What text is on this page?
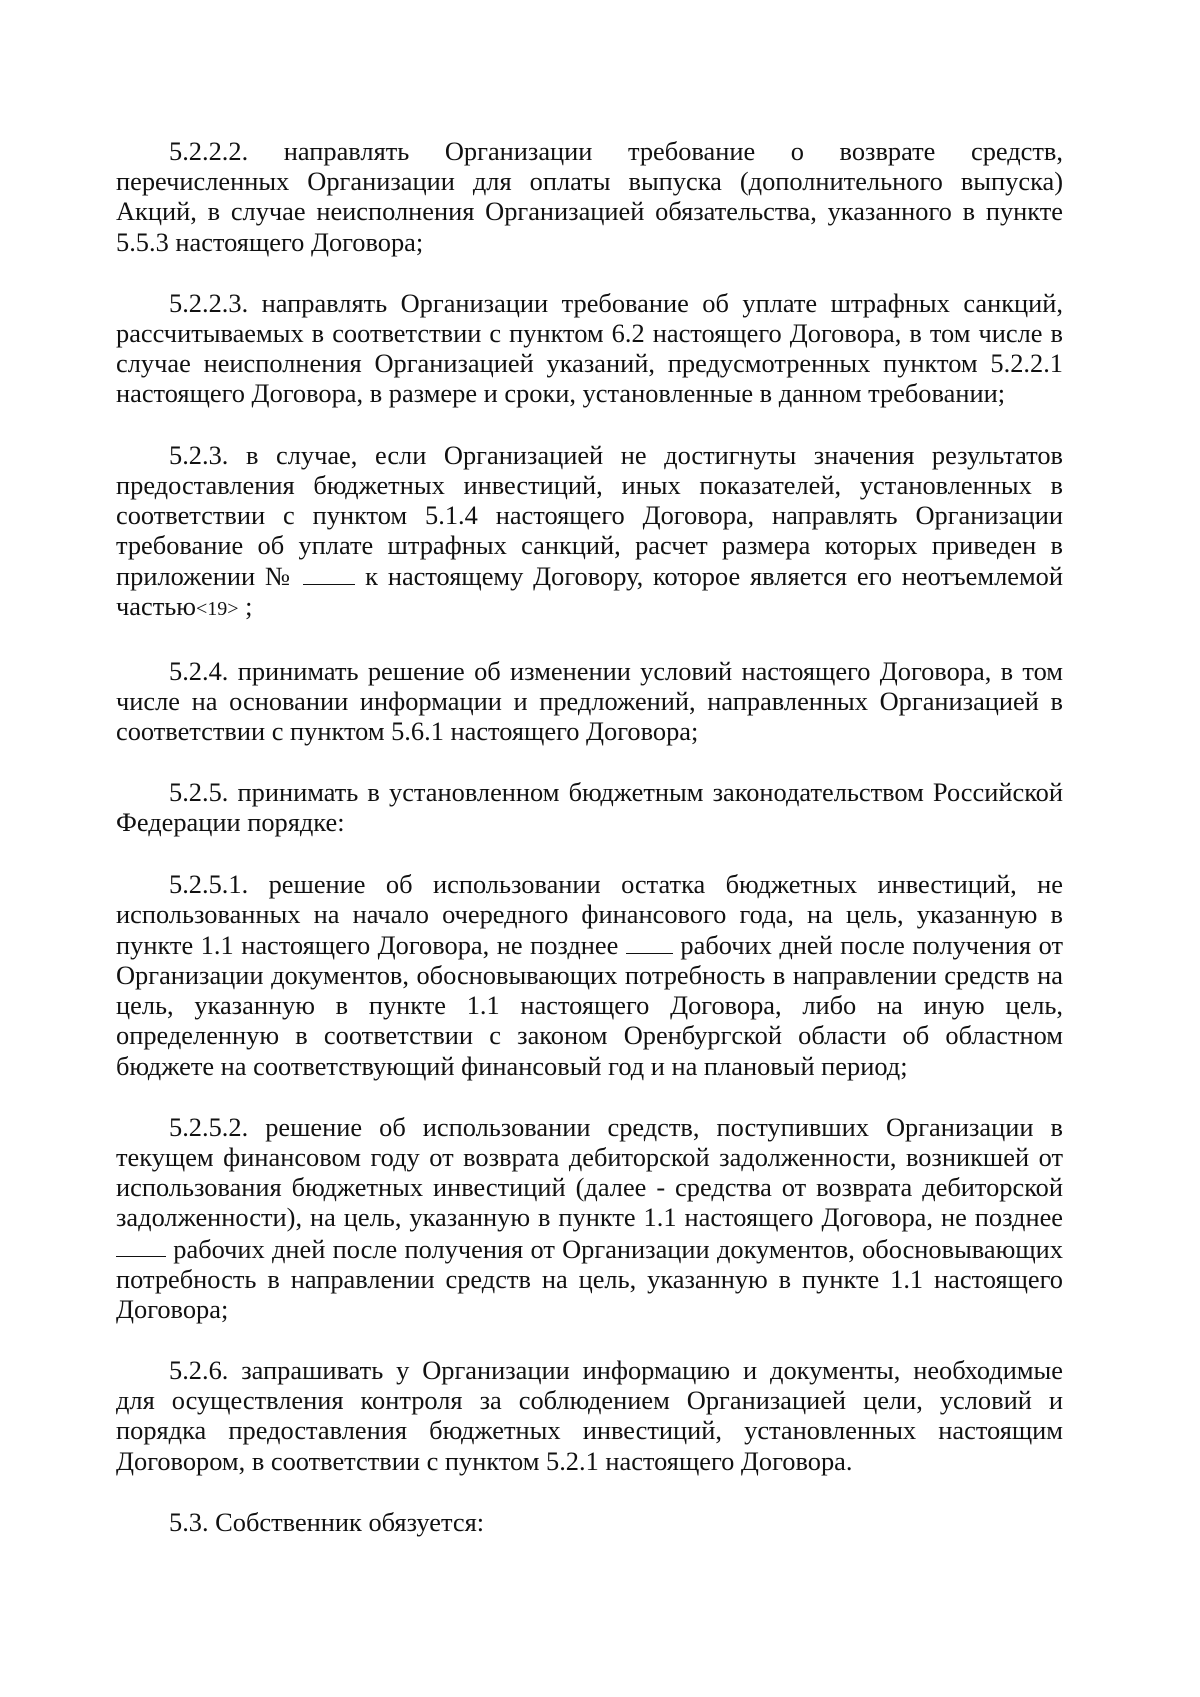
5.2.2.2. направлять Организации требование о возврате средств, перечисленных Организации для оплаты выпуска (дополнительного выпуска) Акций, в случае неисполнения Организацией обязательства, указанного в пункте 5.5.3 настоящего Договора;

5.2.2.3. направлять Организации требование об уплате штрафных санкций, рассчитываемых в соответствии с пунктом 6.2 настоящего Договора, в том числе в случае неисполнения Организацией указаний, предусмотренных пунктом 5.2.2.1 настоящего Договора, в размере и сроки, установленные в данном требовании;

5.2.3. в случае, если Организацией не достигнуты значения результатов предоставления бюджетных инвестиций, иных показателей, установленных в соответствии с пунктом 5.1.4 настоящего Договора, направлять Организации требование об уплате штрафных санкций, расчет размера которых приведен в приложении №	к настоящему Договору, которое является его неотъемлемой частью<19> ;

5.2.4. принимать решение об изменении условий настоящего Договора, в том числе на основании информации и предложений, направленных Организацией в соответствии с пунктом 5.6.1 настоящего Договора;

5.2.5. принимать в установленном бюджетным законодательством Российской Федерации порядке:

5.2.5.1. решение об использовании остатка бюджетных инвестиций, не использованных на начало очередного финансового года, на цель, указанную в пункте 1.1 настоящего Договора, не позднее рабочих дней после получения от Организации документов, обосновывающих потребность в направлении средств на цель, указанную в пункте 1.1 настоящего Договора, либо на иную цель, определенную в соответствии с законом Оренбургской области об областном бюджете на соответствующий финансовый год и на плановый период;

5.2.5.2. решение об использовании средств, поступивших Организации в текущем финансовом году от возврата дебиторской задолженности, возникшей от использования бюджетных инвестиций (далее - средства от возврата дебиторской задолженности), на цель, указанную в пункте 1.1 настоящего Договора, не позднее  рабочих дней после получения от Организации документов, обосновывающих потребность в направлении средств на цель, указанную в пункте 1.1 настоящего Договора;

5.2.6. запрашивать у Организации информацию и документы, необходимые для осуществления контроля за соблюдением Организацией цели, условий и порядка предоставления бюджетных инвестиций, установленных настоящим Договором, в соответствии с пунктом 5.2.1 настоящего Договора.

5.3. Собственник обязуется:
